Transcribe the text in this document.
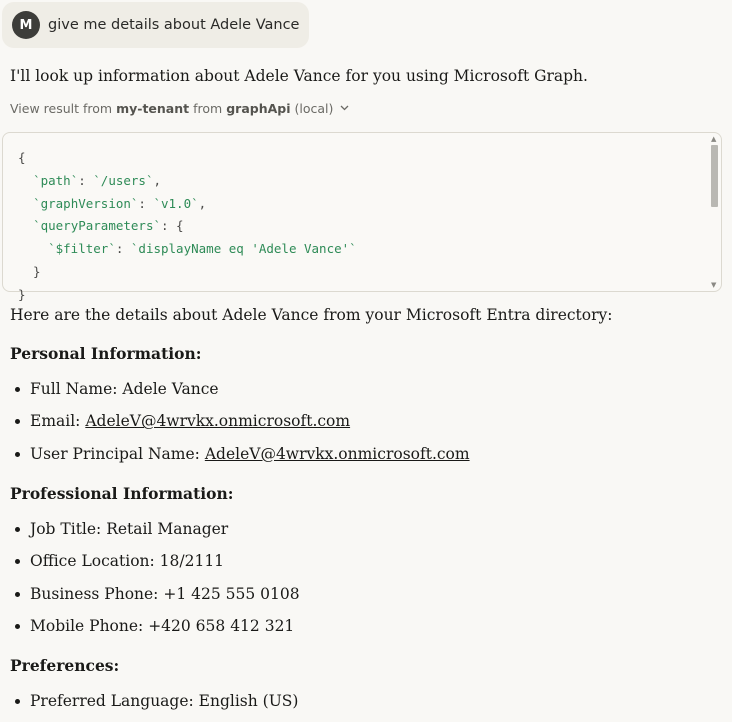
M	give me details about Adele Vance
I'll look up information about Adele Vance for you using Microsoft Graph.
View result from my-tenant from graphApi (local)
{
`path`: `/users`,
`graphVersion`: `v1.0`,
`queryParameters`: {
`$filter`: `displayName eq 'Adele Vance'`
}
}
▲
▼
Here are the details about Adele Vance from your Microsoft Entra directory:
Personal Information:
Full Name: Adele Vance
Email: AdeleV@4wrvkx.onmicrosoft.com
User Principal Name: AdeleV@4wrvkx.onmicrosoft.com
Professional Information:
Job Title: Retail Manager
Office Location: 18/2111
Business Phone: +1 425 555 0108
Mobile Phone: +420 658 412 321
Preferences:
Preferred Language: English (US)
